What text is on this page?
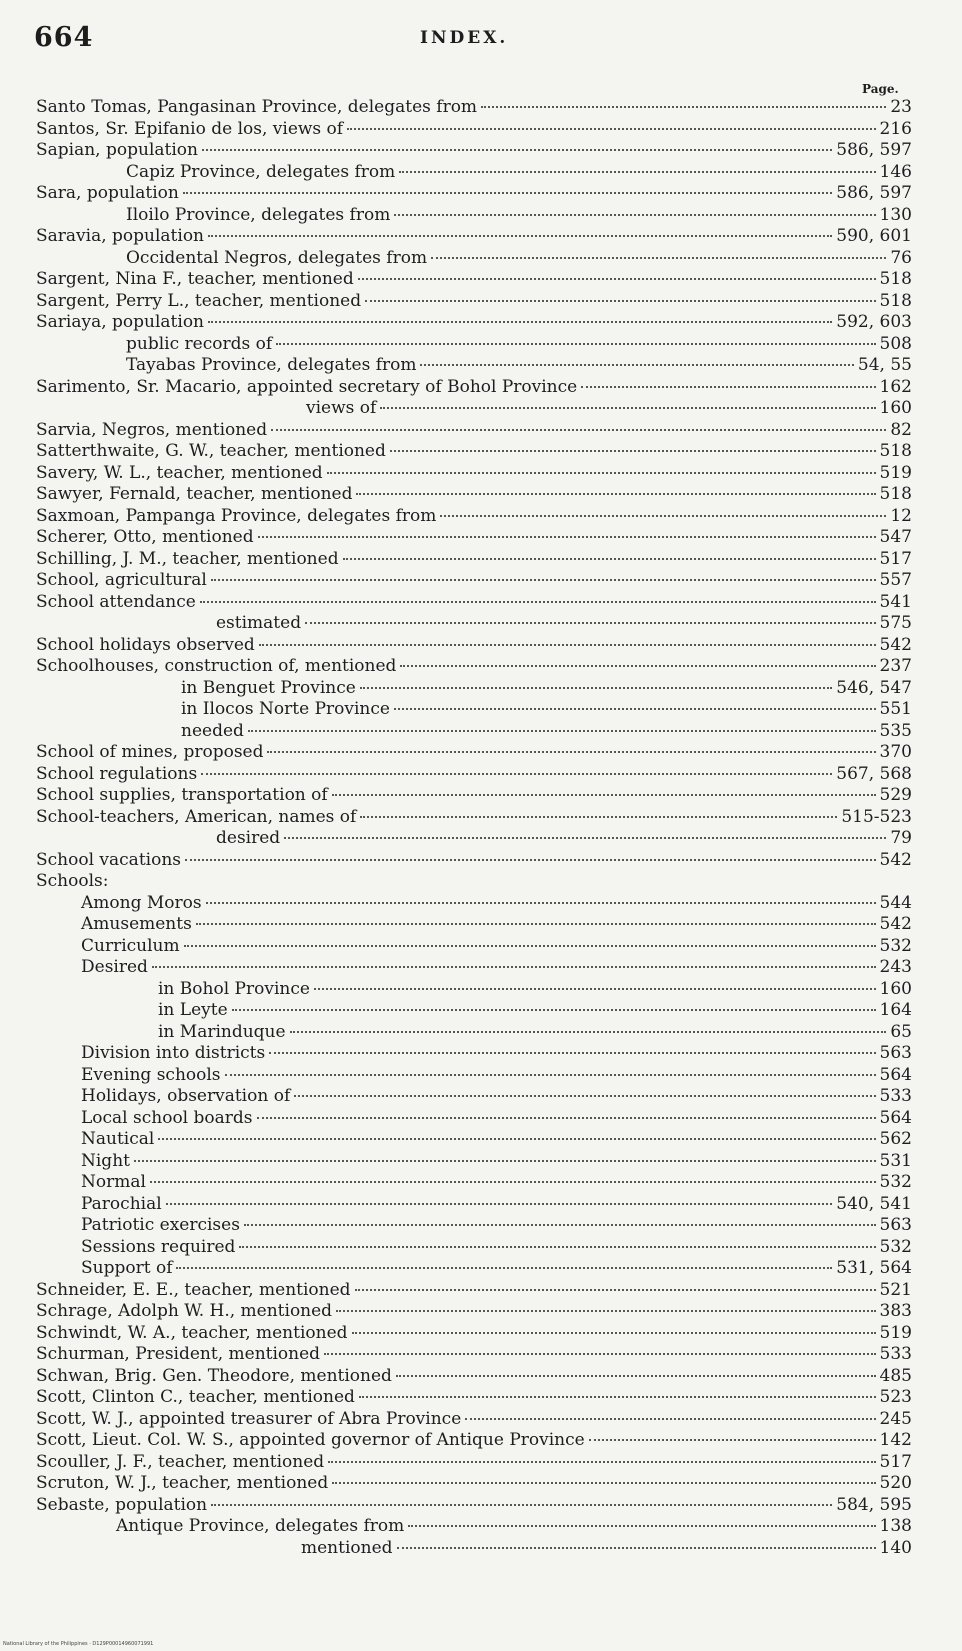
664	INDEX.
Page.
Santo Tomas, Pangasinan Province, delegates from	23
Santos, Sr. Epifanio de los, views of	216
Sapian, population	586, 597
Capiz Province, delegates from	146
Sara, population	586, 597
Iloilo Province, delegates from	130
Saravia, population	590, 601
Occidental Negros, delegates from	76
Sargent, Nina F., teacher, mentioned	518
Sargent, Perry L., teacher, mentioned	518
Sariaya, population	592, 603
public records of	508
Tayabas Province, delegates from	54, 55
Sarimento, Sr. Macario, appointed secretary of Bohol Province	162
views of	160
Sarvia, Negros, mentioned	82
Satterthwaite, G. W., teacher, mentioned	518
Savery, W. L., teacher, mentioned	519
Sawyer, Fernald, teacher, mentioned	518
Saxmoan, Pampanga Province, delegates from	12
Scherer, Otto, mentioned	547
Schilling, J. M., teacher, mentioned	517
School, agricultural	557
School attendance	541
estimated	575
School holidays observed	542
Schoolhouses, construction of, mentioned	237
in Benguet Province	546, 547
in Ilocos Norte Province	551
needed	535
School of mines, proposed	370
School regulations	567, 568
School supplies, transportation of	529
School-teachers, American, names of	515-523
desired	79
School vacations	542
Schools:
Among Moros	544
Amusements	542
Curriculum	532
Desired	243
in Bohol Province	160
in Leyte	164
in Marinduque	65
Division into districts	563
Evening schools	564
Holidays, observation of	533
Local school boards	564
Nautical	562
Night	531
Normal	532
Parochial	540, 541
Patriotic exercises	563
Sessions required	532
Support of	531, 564
Schneider, E. E., teacher, mentioned	521
Schrage, Adolph W. H., mentioned	383
Schwindt, W. A., teacher, mentioned	519
Schurman, President, mentioned	533
Schwan, Brig. Gen. Theodore, mentioned	485
Scott, Clinton C., teacher, mentioned	523
Scott, W. J., appointed treasurer of Abra Province	245
Scott, Lieut. Col. W. S., appointed governor of Antique Province	142
Scouller, J. F., teacher, mentioned	517
Scruton, W. J., teacher, mentioned	520
Sebaste, population	584, 595
Antique Province, delegates from	138
mentioned	140
National Library of the Philippines · D129P00014960071991
